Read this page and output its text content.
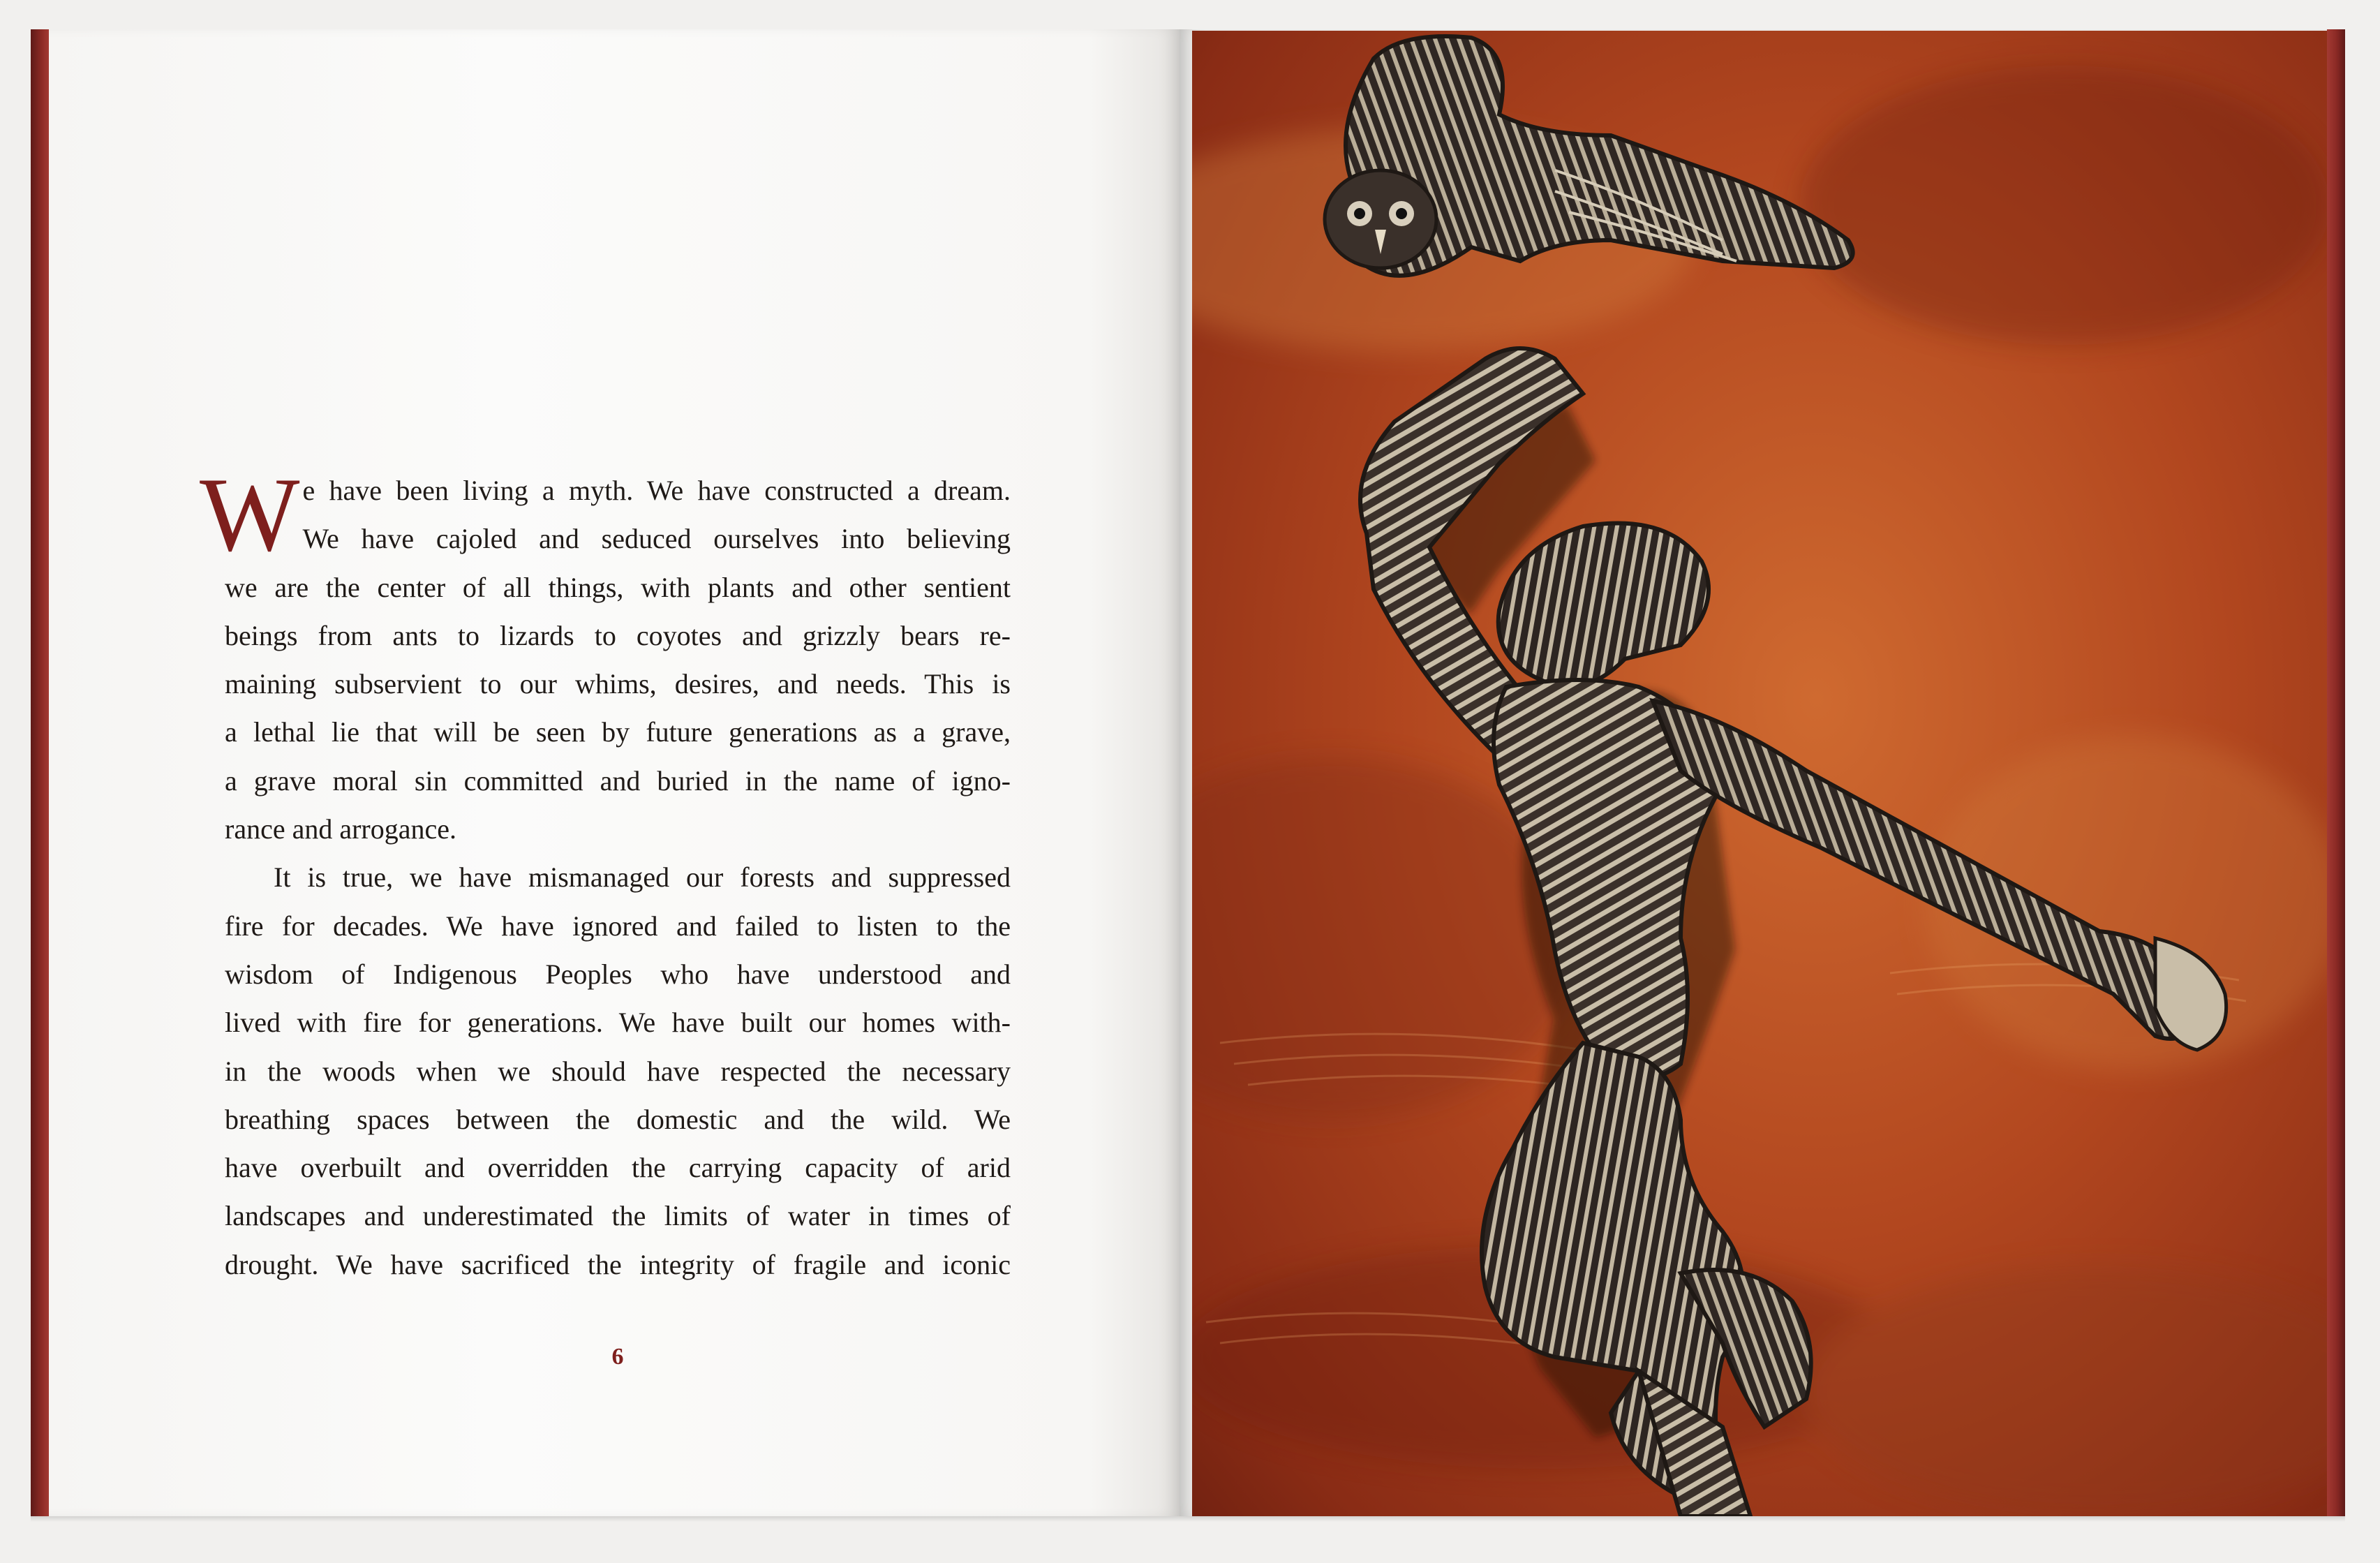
W e have been living a myth. We have constructed a dream.
We have cajoled and seduced ourselves into believing
we are the center of all things, with plants and other sentient
beings from ants to lizards to coyotes and grizzly bears re-
maining subservient to our whims, desires, and needs. This is
a lethal lie that will be seen by future generations as a grave,
a grave moral sin committed and buried in the name of igno-
rance and arrogance.

It is true, we have mismanaged our forests and suppressed
fire for decades. We have ignored and failed to listen to the
wisdom of Indigenous Peoples who have understood and
lived with fire for generations. We have built our homes with-
in the woods when we should have respected the necessary
breathing spaces between the domestic and the wild. We
have overbuilt and overridden the carrying capacity of arid
landscapes and underestimated the limits of water in times of
drought. We have sacrificed the integrity of fragile and iconic

6
